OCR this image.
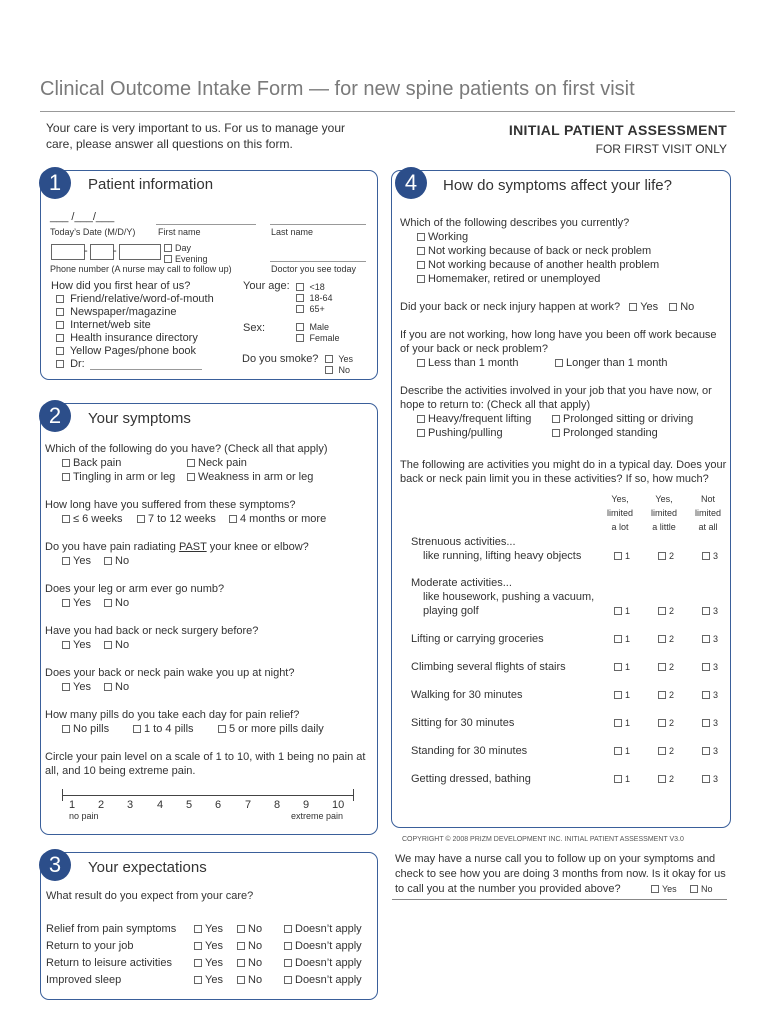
Clinical Outcome Intake Form — for new spine patients on first visit
Your care is very important to us. For us to manage your
care, please answer all questions on this form.
INITIAL PATIENT ASSESSMENT
FOR FIRST VISIT ONLY
1	Patient information
___ /___/___
Today’s Date (M/D/Y)	First name	Last name
- -	Day
Evening
Phone number (A nurse may call to follow up)	Doctor you see today
How did you first hear of us?
Friend/relative/word-of-mouth
Newspaper/magazine
Internet/web site
Health insurance directory
Yellow Pages/phone book
Dr:
Your age:	<18
18-64
65+
Sex:	Male
Female
Do you smoke?	Yes
No
2	Your symptoms
Which of the following do you have? (Check all that apply)
Back pain	Neck pain
Tingling in arm or leg	Weakness in arm or leg
How long have you suffered from these symptoms?
≤ 6 weeks	7 to 12 weeks	4 months or more
Do you have pain radiating PAST your knee or elbow?
Yes	No
Does your leg or arm ever go numb?
Yes	No
Have you had back or neck surgery before?
Yes	No
Does your back or neck pain wake you up at night?
Yes	No
How many pills do you take each day for pain relief?
No pills	1 to 4 pills	5 or more pills daily
Circle your pain level on a scale of 1 to 10, with 1 being no pain at
all, and 10 being extreme pain.
1 2 3 4 5 6 7 8 9 10
no pain	extreme pain
3	Your expectations
What result do you expect from your care?
Relief from pain symptoms	Yes	No	Doesn’t apply
Return to your job	Yes	No	Doesn’t apply
Return to leisure activities	Yes	No	Doesn’t apply
Improved sleep	Yes	No	Doesn’t apply
4	How do symptoms affect your life?
Which of the following describes you currently?
Working
Not working because of back or neck problem
Not working because of another health problem
Homemaker, retired or unemployed
Did your back or neck injury happen at work? Yes No
If you are not working, how long have you been off work because
of your back or neck problem?
Less than 1 month	Longer than 1 month
Describe the activities involved in your job that you have now, or
hope to return to: (Check all that apply)
Heavy/frequent lifting	Prolonged sitting or driving
Pushing/pulling	Prolonged standing
The following are activities you might do in a typical day. Does your
back or neck pain limit you in these activities? If so, how much?
Yes,
limited
a lot
Yes,
limited
a little
Not
limited
at all
Strenuous activities...
like running, lifting heavy objects	1	2	3
Moderate activities...
like housework, pushing a vacuum,
playing golf	1	2	3
Lifting or carrying groceries	1	2	3
Climbing several flights of stairs	1	2	3
Walking for 30 minutes	1	2	3
Sitting for 30 minutes	1	2	3
Standing for 30 minutes	1	2	3
Getting dressed, bathing	1	2	3
COPYRIGHT © 2008 PRIZM DEVELOPMENT INC. INITIAL PATIENT ASSESSMENT V3.0
We may have a nurse call you to follow up on your symptoms and
check to see how you are doing 3 months from now. Is it okay for us
to call you at the number you provided above?	Yes	No
